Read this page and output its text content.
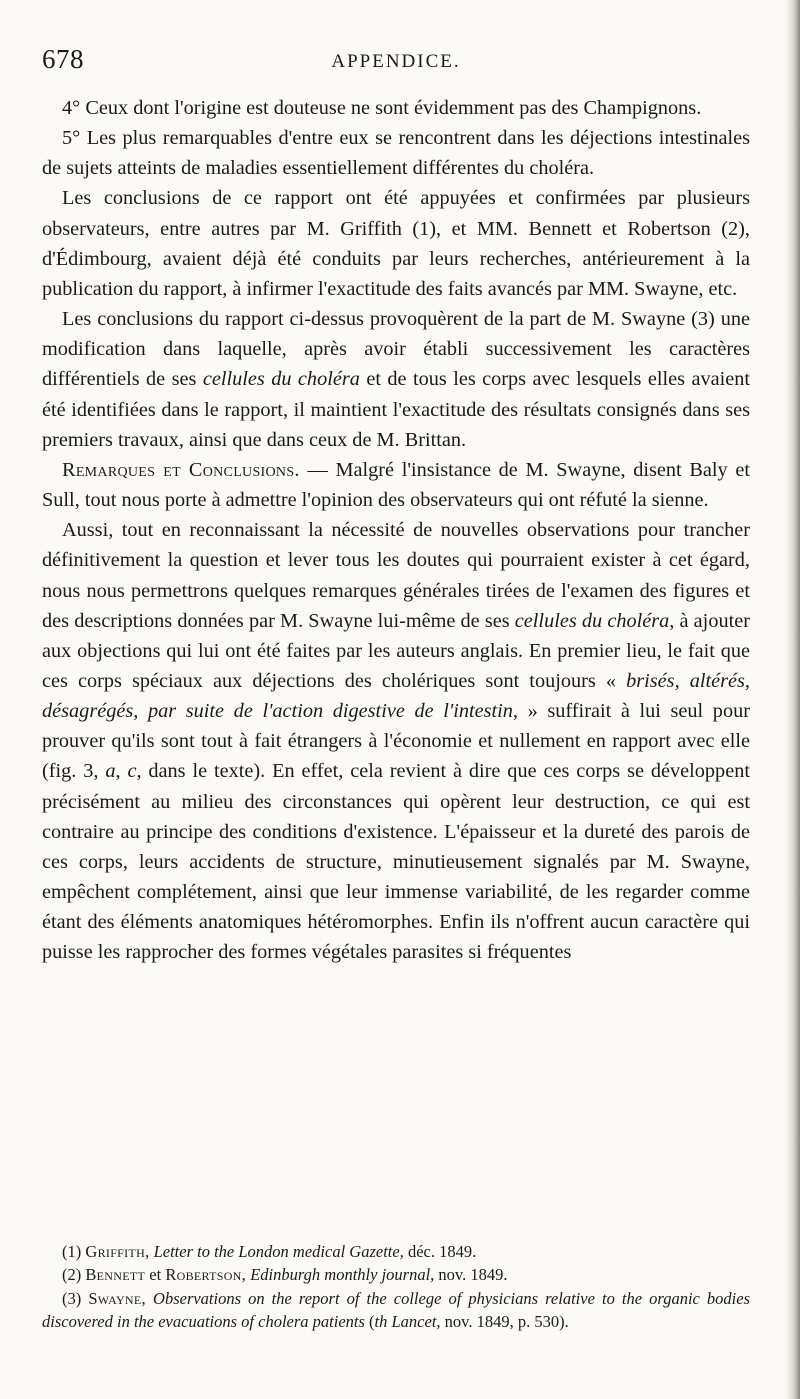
678	APPENDICE.

4° Ceux dont l'origine est douteuse ne sont évidemment pas des Champignons.

5° Les plus remarquables d'entre eux se rencontrent dans les déjections intestinales de sujets atteints de maladies essentiellement différentes du choléra.

Les conclusions de ce rapport ont été appuyées et confirmées par plusieurs observateurs, entre autres par M. Griffith (1), et MM. Bennett et Robertson (2), d'Édimbourg, avaient déjà été conduits par leurs recherches, antérieurement à la publication du rapport, à infirmer l'exactitude des faits avancés par MM. Swayne, etc.

Les conclusions du rapport ci-dessus provoquèrent de la part de M. Swayne (3) une modification dans laquelle, après avoir établi successivement les caractères différentiels de ses cellules du choléra et de tous les corps avec lesquels elles avaient été identifiées dans le rapport, il maintient l'exactitude des résultats consignés dans ses premiers travaux, ainsi que dans ceux de M. Brittan.

Remarques et Conclusions. — Malgré l'insistance de M. Swayne, disent Baly et Sull, tout nous porte à admettre l'opinion des observateurs qui ont réfuté la sienne.

Aussi, tout en reconnaissant la nécessité de nouvelles observations pour trancher définitivement la question et lever tous les doutes qui pourraient exister à cet égard, nous nous permettrons quelques remarques générales tirées de l'examen des figures et des descriptions données par M. Swayne lui-même de ses cellules du choléra, à ajouter aux objections qui lui ont été faites par les auteurs anglais. En premier lieu, le fait que ces corps spéciaux aux déjections des cholériques sont toujours « brisés, altérés, désagrégés, par suite de l'action digestive de l'intestin, » suffirait à lui seul pour prouver qu'ils sont tout à fait étrangers à l'économie et nullement en rapport avec elle (fig. 3, a, c, dans le texte). En effet, cela revient à dire que ces corps se développent précisément au milieu des circonstances qui opèrent leur destruction, ce qui est contraire au principe des conditions d'existence. L'épaisseur et la dureté des parois de ces corps, leurs accidents de structure, minutieusement signalés par M. Swayne, empêchent complétement, ainsi que leur immense variabilité, de les regarder comme étant des éléments anatomiques hétéromorphes. Enfin ils n'offrent aucun caractère qui puisse les rapprocher des formes végétales parasites si fréquentes

(1) Griffith, Letter to the London medical Gazette, déc. 1849.

(2) Bennett et Robertson, Edinburgh monthly journal, nov. 1849.

(3) Swayne, Observations on the report of the college of physicians relative to the organic bodies discovered in the evacuations of cholera patients (th Lancet, nov. 1849, p. 530).
